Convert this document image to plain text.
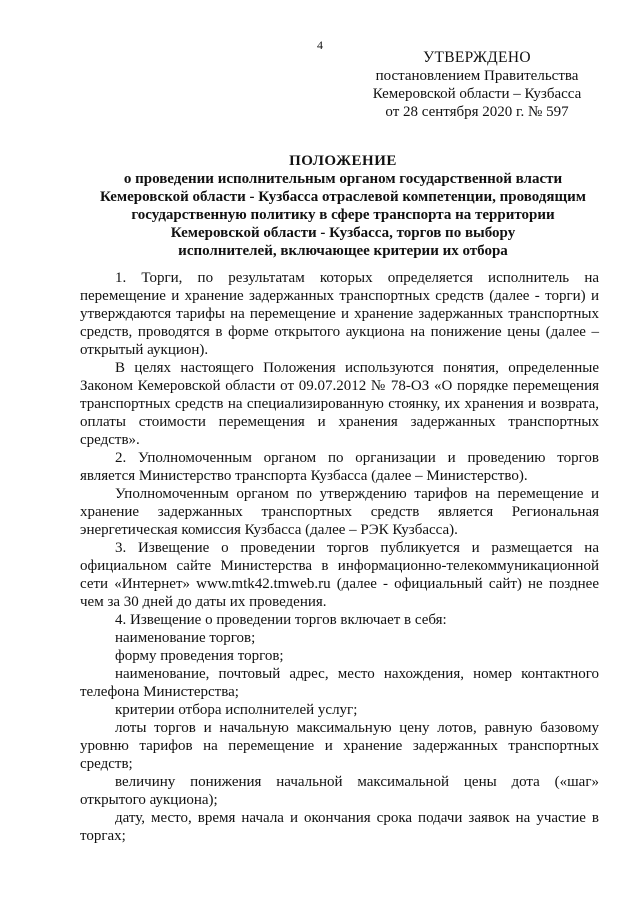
4
УТВЕРЖДЕНО
постановлением Правительства
Кемеровской области – Кузбасса
от 28 сентября 2020 г. № 597
ПОЛОЖЕНИЕ
о проведении исполнительным органом государственной власти
Кемеровской области - Кузбасса отраслевой компетенции, проводящим
государственную политику в сфере транспорта на территории
Кемеровской области - Кузбасса, торгов по выбору
исполнителей, включающее критерии их отбора

1. Торги, по результатам которых определяется исполнитель на перемещение и хранение задержанных транспортных средств (далее - торги) и утверждаются тарифы на перемещение и хранение задержанных транспортных средств, проводятся в форме открытого аукциона на понижение цены (далее – открытый аукцион).

В целях настоящего Положения используются понятия, определенные Законом Кемеровской области от 09.07.2012 № 78-ОЗ «О порядке перемещения транспортных средств на специализированную стоянку, их хранения и возврата, оплаты стоимости перемещения и хранения задержанных транспортных средств».

2. Уполномоченным органом по организации и проведению торгов является Министерство транспорта Кузбасса (далее – Министерство).

Уполномоченным органом по утверждению тарифов на перемещение и хранение задержанных транспортных средств является Региональная энергетическая комиссия Кузбасса (далее – РЭК Кузбасса).

3. Извещение о проведении торгов публикуется и размещается на официальном сайте Министерства в информационно-телекоммуникационной сети «Интернет» www.mtk42.tmweb.ru (далее - официальный сайт) не позднее чем за 30 дней до даты их проведения.

4. Извещение о проведении торгов включает в себя:

наименование торгов;

форму проведения торгов;

наименование, почтовый адрес, место нахождения, номер контактного телефона Министерства;

критерии отбора исполнителей услуг;

лоты торгов и начальную максимальную цену лотов, равную базовому уровню тарифов на перемещение и хранение задержанных транспортных средств;

величину понижения начальной максимальной цены дота («шаг» открытого аукциона);

дату, место, время начала и окончания срока подачи заявок на участие в торгах;
